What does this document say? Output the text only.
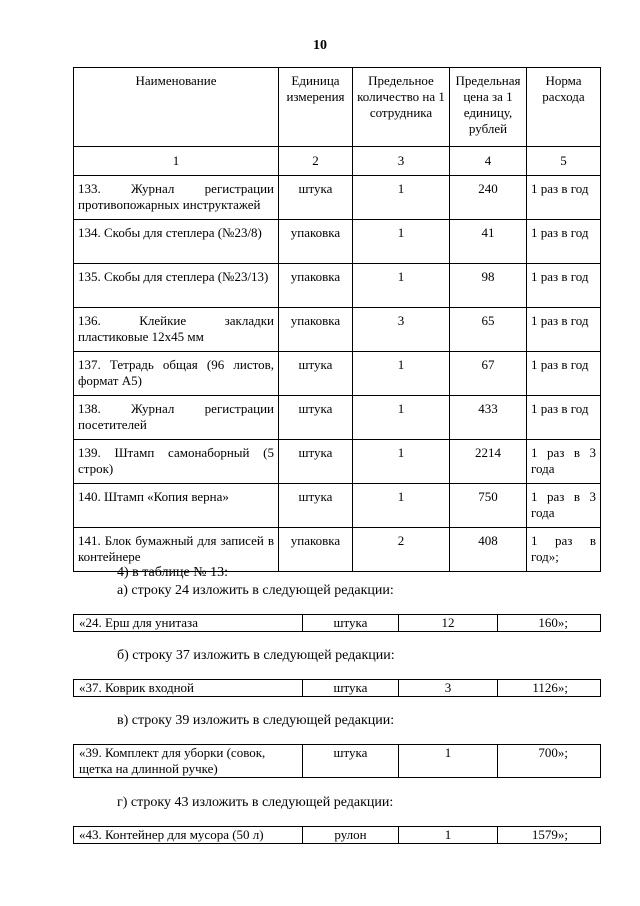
10
Наименование	Единица измерения	Предельное количество на 1 сотрудника	Предельная цена за 1 единицу, рублей	Норма расхода
1	2	3	4	5
133. Журнал регистрации противопожарных инструктажей	штука	1	240	1 раз в год
134. Скобы для степлера (№23/8)	упаковка	1	41	1 раз в год
135. Скобы для степлера (№23/13)	упаковка	1	98	1 раз в год
136. Клейкие закладки пластиковые 12х45 мм	упаковка	3	65	1 раз в год
137. Тетрадь общая (96 листов, формат А5)	штука	1	67	1 раз в год
138. Журнал регистрации посетителей	штука	1	433	1 раз в год
139. Штамп самонаборный (5 строк)	штука	1	2214	1 раз в 3 года
140. Штамп «Копия верна»	штука	1	750	1 раз в 3 года
141. Блок бумажный для записей в контейнере	упаковка	2	408	1 раз в год»;
4) в таблице № 13:
а) строку 24 изложить в следующей редакции:
«24. Ерш для унитаза	штука	12	160»;
б) строку 37 изложить в следующей редакции:
«37. Коврик входной	штука	3	1126»;
в) строку 39 изложить в следующей редакции:
«39. Комплект для уборки (совок, щетка на длинной ручке)	штука	1	700»;
г) строку 43 изложить в следующей редакции:
«43. Контейнер для мусора (50 л)	рулон	1	1579»;
